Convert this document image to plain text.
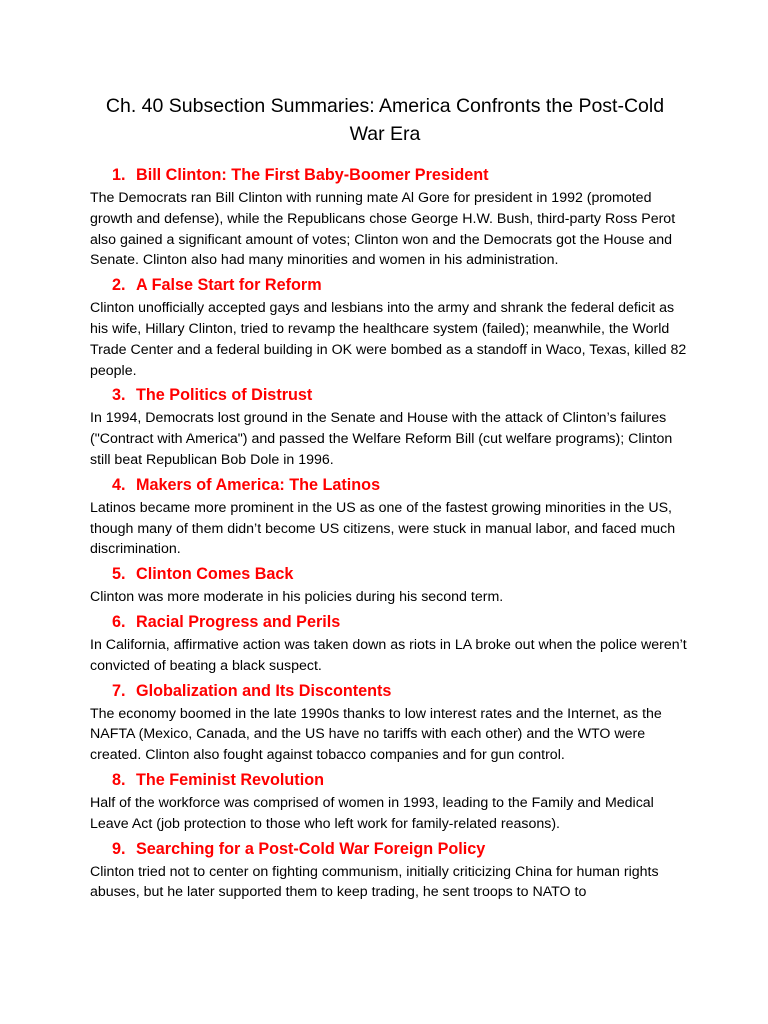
Ch. 40 Subsection Summaries: America Confronts the Post-Cold War Era
1. Bill Clinton: The First Baby-Boomer President

The Democrats ran Bill Clinton with running mate Al Gore for president in 1992 (promoted growth and defense), while the Republicans chose George H.W. Bush, third-party Ross Perot also gained a significant amount of votes; Clinton won and the Democrats got the House and Senate. Clinton also had many minorities and women in his administration.

2. A False Start for Reform

Clinton unofficially accepted gays and lesbians into the army and shrank the federal deficit as his wife, Hillary Clinton, tried to revamp the healthcare system (failed); meanwhile, the World Trade Center and a federal building in OK were bombed as a standoff in Waco, Texas, killed 82 people.

3. The Politics of Distrust

In 1994, Democrats lost ground in the Senate and House with the attack of Clinton’s failures ("Contract with America") and passed the Welfare Reform Bill (cut welfare programs); Clinton still beat Republican Bob Dole in 1996.

4. Makers of America: The Latinos

Latinos became more prominent in the US as one of the fastest growing minorities in the US, though many of them didn’t become US citizens, were stuck in manual labor, and faced much discrimination.

5. Clinton Comes Back

Clinton was more moderate in his policies during his second term.

6. Racial Progress and Perils

In California, affirmative action was taken down as riots in LA broke out when the police weren’t convicted of beating a black suspect.

7. Globalization and Its Discontents

The economy boomed in the late 1990s thanks to low interest rates and the Internet, as the NAFTA (Mexico, Canada, and the US have no tariffs with each other) and the WTO were created. Clinton also fought against tobacco companies and for gun control.

8. The Feminist Revolution

Half of the workforce was comprised of women in 1993, leading to the Family and Medical Leave Act (job protection to those who left work for family-related reasons).

9. Searching for a Post-Cold War Foreign Policy

Clinton tried not to center on fighting communism, initially criticizing China for human rights abuses, but he later supported them to keep trading, he sent troops to NATO to
